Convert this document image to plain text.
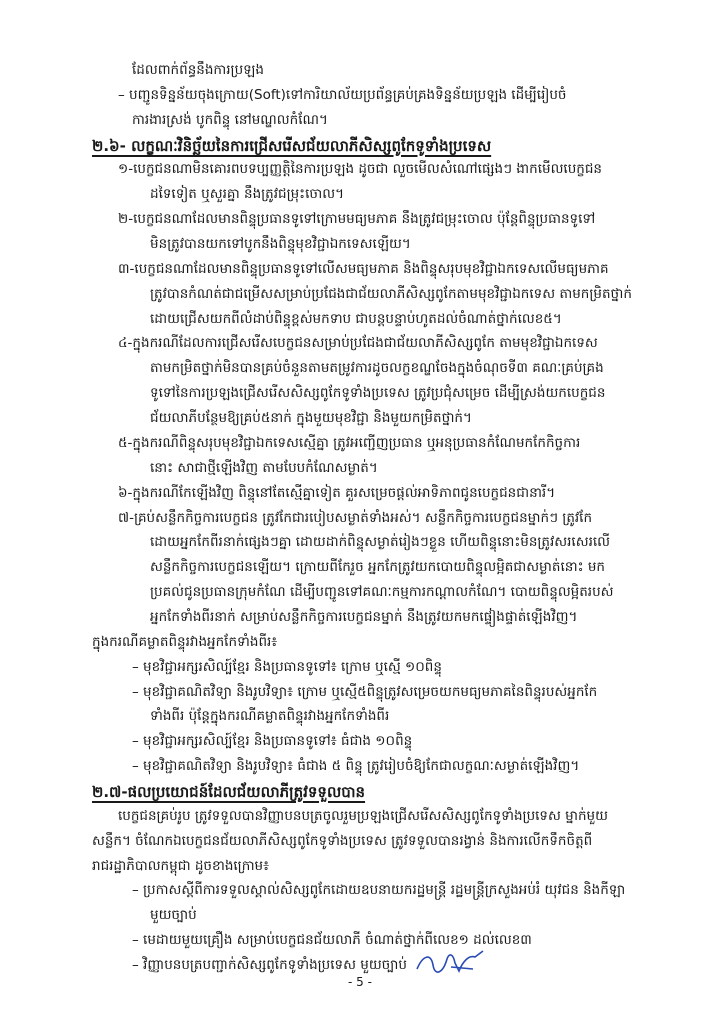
ដែលពាក់ព័ន្ធនឹងការប្រឡង
– បញ្ជូនទិន្នន័យចុងក្រោយ(Soft)ទៅការិយាល័យប្រព័ន្ធគ្រប់គ្រងទិន្នន័យប្រឡង ដើម្បីរៀបចំ
ការងារស្រង់ បូកពិន្ទុ នៅមណ្ឌលកំណែ។
២.៦- លក្ខណៈវិនិច្ឆ័យនៃការជ្រើសរើសជ័យលាភីសិស្សពូកែទូទាំងប្រទេស
១-បេក្ខជនណាមិនគោរពបទប្បញ្ញត្តិនៃការប្រឡង ដូចជា លួចមើលសំណៅផ្សេងៗ ងាកមើលបេក្ខជន
ដទៃទៀត ឬសួរគ្នា នឹងត្រូវជម្រុះចោល។
២-បេក្ខជនណាដែលមានពិន្ទុប្រធានទូទៅក្រោមមធ្យមភាគ នឹងត្រូវជម្រុះចោល ប៉ុន្តែពិន្ទុប្រធានទូទៅ
មិនត្រូវបានយកទៅបូកនឹងពិន្ទុមុខវិជ្ជាឯកទេសឡើយ។
៣-បេក្ខជនណាដែលមានពិន្ទុប្រធានទូទៅលើសមធ្យមភាគ និងពិន្ទុសរុបមុខវិជ្ជាឯកទេសលើមធ្យមភាគ
ត្រូវបានកំណត់ជាជម្រើសសម្រាប់ប្រជែងជាជ័យលាភីសិស្សពូកែតាមមុខវិជ្ជាឯកទេស តាមកម្រិតថ្នាក់
ដោយជ្រើសយកពីលំដាប់ពិន្ទុខ្ពស់មកទាប ជាបន្តបន្ទាប់ហូតដល់ចំណាត់ថ្នាក់លេខ៥។
៤-ក្នុងករណីដែលការជ្រើសរើសបេក្ខជនសម្រាប់ប្រជែងជាជ័យលាភីសិស្សពូកែ តាមមុខវិជ្ជាឯកទេស
តាមកម្រិតថ្នាក់មិនបានគ្រប់ចំនួនតាមតម្រូវការដូចលក្ខខណ្ឌចែងក្នុងចំណុចទី៣ គណៈគ្រប់គ្រង
ទូទៅនៃការប្រឡងជ្រើសរើសសិស្សពូកែទូទាំងប្រទេស ត្រូវប្រជុំសម្រេច ដើម្បីស្រង់យកបេក្ខជន
ជ័យលាភីបន្ថែមឱ្យគ្រប់៥នាក់ ក្នុងមួយមុខវិជ្ជា និងមួយកម្រិតថ្នាក់។
៥-ក្នុងករណីពិន្ទុសរុបមុខវិជ្ជាឯកទេសស្មើគ្នា ត្រូវអញ្ជើញប្រធាន ឬអនុប្រធានកំណែមកកែកិច្ចការ
នោះ សាជាថ្មីឡើងវិញ តាមបែបកំណែសម្ងាត់។
៦-ក្នុងករណីកែឡើងវិញ ពិន្ទុនៅតែស្មើគ្នាទៀត គួរសម្រេចផ្តល់អាទិភាពជូនបេក្ខជនជានារី។
៧-គ្រប់សន្លឹកកិច្ចការបេក្ខជន ត្រូវកែជារបៀបសម្ងាត់ទាំងអស់។ សន្លឹកកិច្ចការបេក្ខជនម្នាក់ៗ ត្រូវកែ
ដោយអ្នកកែពីរនាក់ផ្សេងៗគ្នា ដោយដាក់ពិន្ទុសម្ងាត់រៀងៗខ្លួន ហើយពិន្ទុនោះមិនត្រូវសរសេរលើ
សន្លឹកកិច្ចការបេក្ខជនឡើយ។ ក្រោយពីកែរួច អ្នកកែត្រូវយកបោយពិន្ទុលម្អិតជាសម្ងាត់នោះ មក
ប្រគល់ជូនប្រធានក្រុមកំណែ ដើម្បីបញ្ជូនទៅគណៈកម្មការកណ្តាលកំណែ។ បោយពិន្ទុលម្អិតរបស់
អ្នកកែទាំងពីរនាក់ សម្រាប់សន្លឹកកិច្ចការបេក្ខជនម្នាក់ នឹងត្រូវយកមកផ្ទៀងផ្ទាត់ឡើងវិញ។
ក្នុងករណីគម្លាតពិន្ទុរវាងអ្នកកែទាំងពីរ៖
– មុខវិជ្ជាអក្សរសិល្ប៍ខ្មែរ និងប្រធានទូទៅ៖ ក្រោម ឬស្មើ ១០ពិន្ទុ
– មុខវិជ្ជាគណិតវិទ្យា និងរូបវិទ្យា៖ ក្រោម ឬស្មើ៥ពិន្ទុត្រូវសម្រេចយកមធ្យមភាគនៃពិន្ទុរបស់អ្នកកែ
ទាំងពីរ ប៉ុន្តែក្នុងករណីគម្លាតពិន្ទុរវាងអ្នកកែទាំងពីរ
– មុខវិជ្ជាអក្សរសិល្ប៍ខ្មែរ និងប្រធានទូទៅ៖ ធំជាង ១០ពិន្ទុ
– មុខវិជ្ជាគណិតវិទ្យា និងរូបវិទ្យា៖ ធំជាង ៥ ពិន្ទុ ត្រូវរៀបចំឱ្យកែជាលក្ខណៈសម្ងាត់ឡើងវិញ។
២.៧-ផលប្រយោជន៍ដែលជ័យលាភីត្រូវទទួលបាន
បេក្ខជនគ្រប់រូប ត្រូវទទួលបានវិញ្ញាបនបត្រចូលរួមប្រឡងជ្រើសរើសសិស្សពូកែទូទាំងប្រទេស ម្នាក់មួយ
សន្លឹក។ ចំណែកឯបេក្ខជនជ័យលាភីសិស្សពូកែទូទាំងប្រទេស ត្រូវទទួលបានរង្វាន់ និងការលើកទឹកចិត្តពី
រាជរដ្ឋាភិបាលកម្ពុជា ដូចខាងក្រោម៖
– ប្រកាសស្តីពីការទទួលស្គាល់សិស្សពូកែដោយឧបនាយករដ្ឋមន្ត្រី រដ្ឋមន្ត្រីក្រសួងអប់រំ យុវជន និងកីឡា
មួយច្បាប់
– មេដាយមួយគ្រឿង សម្រាប់បេក្ខជនជ័យលាភី ចំណាត់ថ្នាក់ពីលេខ១ ដល់លេខ៣
– វិញ្ញាបនបត្របញ្ជាក់សិស្សពូកែទូទាំងប្រទេស មួយច្បាប់
- 5 -
